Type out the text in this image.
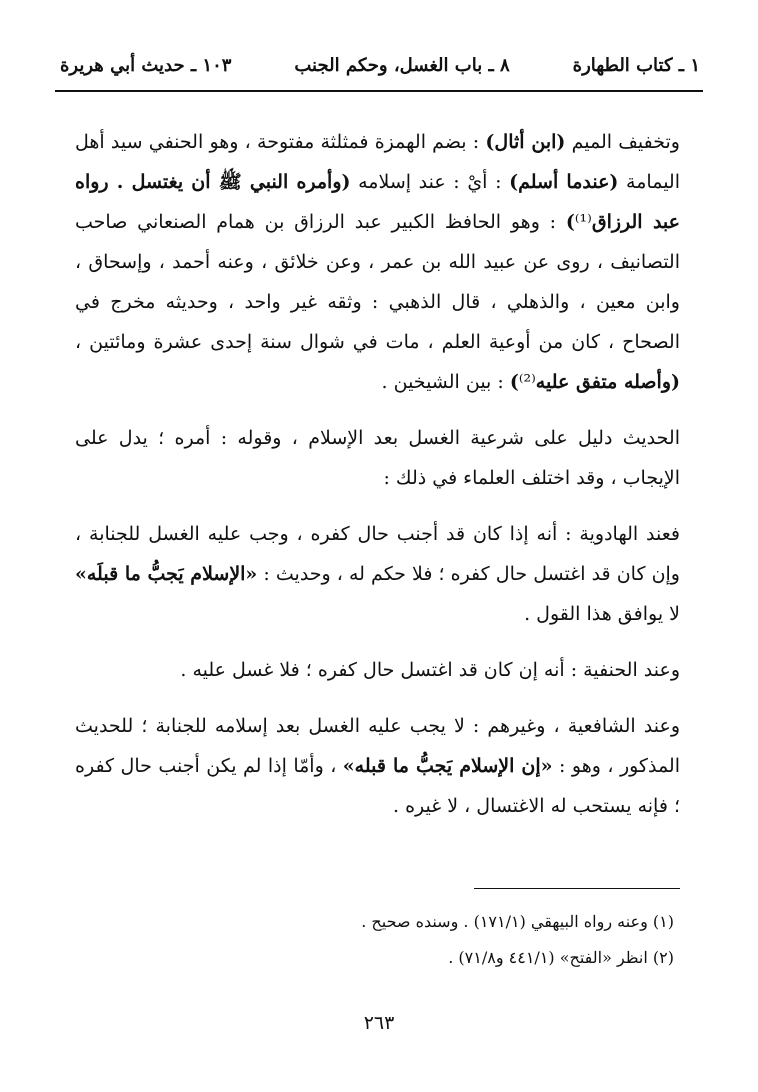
١ ـ كتاب الطهارة
٨ ـ باب الغسل، وحكم الجنب
١٠٣ ـ حديث أبي هريرة

وتخفيف الميم (ابن أثال) : بضم الهمزة فمثلثة مفتوحة ، وهو الحنفي سيد أهل اليمامة (عندما أسلم) : أيْ : عند إسلامه (وأمره النبي ﷺ أن يغتسل . رواه عبد الرزاق⁽¹⁾) : وهو الحافظ الكبير عبد الرزاق بن همام الصنعاني صاحب التصانيف ، روى عن عبيد الله بن عمر ، وعن خلائق ، وعنه أحمد ، وإسحاق ، وابن معين ، والذهلي ، قال الذهبي : وثقه غير واحد ، وحديثه مخرج في الصحاح ، كان من أوعية العلم ، مات في شوال سنة إحدى عشرة ومائتين ، (وأصله متفق عليه⁽²⁾) : بين الشيخين .

الحديث دليل على شرعية الغسل بعد الإسلام ، وقوله : أمره ؛ يدل على الإيجاب ، وقد اختلف العلماء في ذلك :

فعند الهادوية : أنه إذا كان قد أجنب حال كفره ، وجب عليه الغسل للجنابة ، وإن كان قد اغتسل حال كفره ؛ فلا حكم له ، وحديث : «الإسلام يَجبُّ ما قبلَه» لا يوافق هذا القول .

وعند الحنفية : أنه إن كان قد اغتسل حال كفره ؛ فلا غسل عليه .

وعند الشافعية ، وغيرهم : لا يجب عليه الغسل بعد إسلامه للجنابة ؛ للحديث المذكور ، وهو : «إن الإسلام يَجبُّ ما قبله» ، وأمّا إذا لم يكن أجنب حال كفره ؛ فإنه يستحب له الاغتسال ، لا غيره .

(١) وعنه رواه البيهقي (١٧١/١) . وسنده صحيح .

(٢) انظر «الفتح» (٤٤١/١ و٧١/٨) .

٢٦٣
